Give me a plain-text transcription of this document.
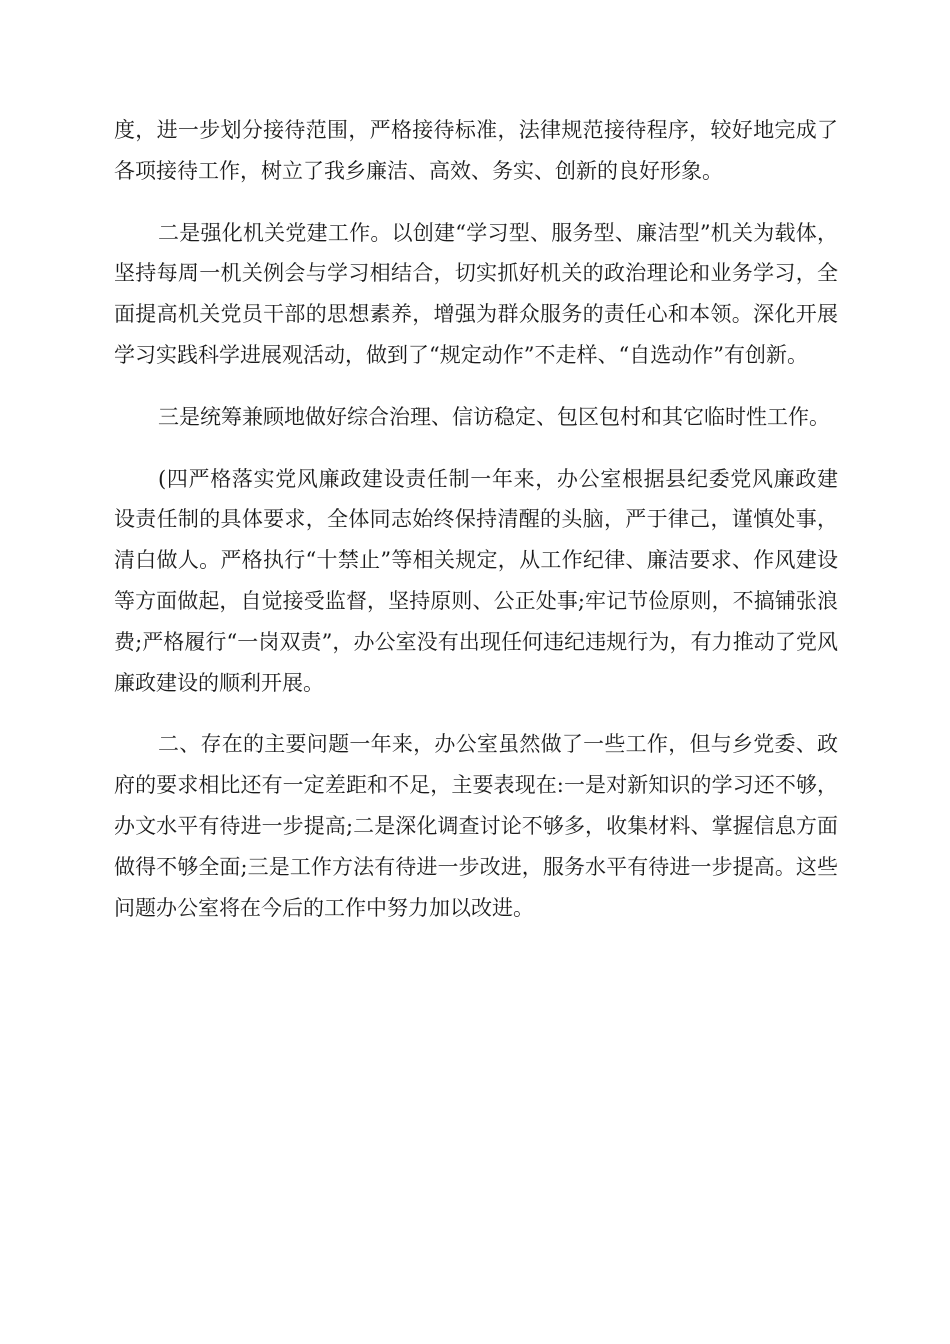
度，进一步划分接待范围，严格接待标准，法律规范接待程序，较好地完成了各项接待工作，树立了我乡廉洁、高效、务实、创新的良好形象。

二是强化机关党建工作。以创建“学习型、服务型、廉洁型”机关为载体，坚持每周一机关例会与学习相结合，切实抓好机关的政治理论和业务学习，全面提高机关党员干部的思想素养，增强为群众服务的责任心和本领。深化开展学习实践科学进展观活动，做到了“规定动作”不走样、“自选动作”有创新。

三是统筹兼顾地做好综合治理、信访稳定、包区包村和其它临时性工作。

(四严格落实党风廉政建设责任制一年来，办公室根据县纪委党风廉政建设责任制的具体要求，全体同志始终保持清醒的头脑，严于律己，谨慎处事，清白做人。严格执行“十禁止”等相关规定，从工作纪律、廉洁要求、作风建设等方面做起，自觉接受监督，坚持原则、公正处事;牢记节俭原则，不搞铺张浪费;严格履行“一岗双责”，办公室没有出现任何违纪违规行为，有力推动了党风廉政建设的顺利开展。

二、存在的主要问题一年来，办公室虽然做了一些工作，但与乡党委、政府的要求相比还有一定差距和不足，主要表现在:一是对新知识的学习还不够，办文水平有待进一步提高;二是深化调查讨论不够多，收集材料、掌握信息方面做得不够全面;三是工作方法有待进一步改进，服务水平有待进一步提高。这些问题办公室将在今后的工作中努力加以改进。
